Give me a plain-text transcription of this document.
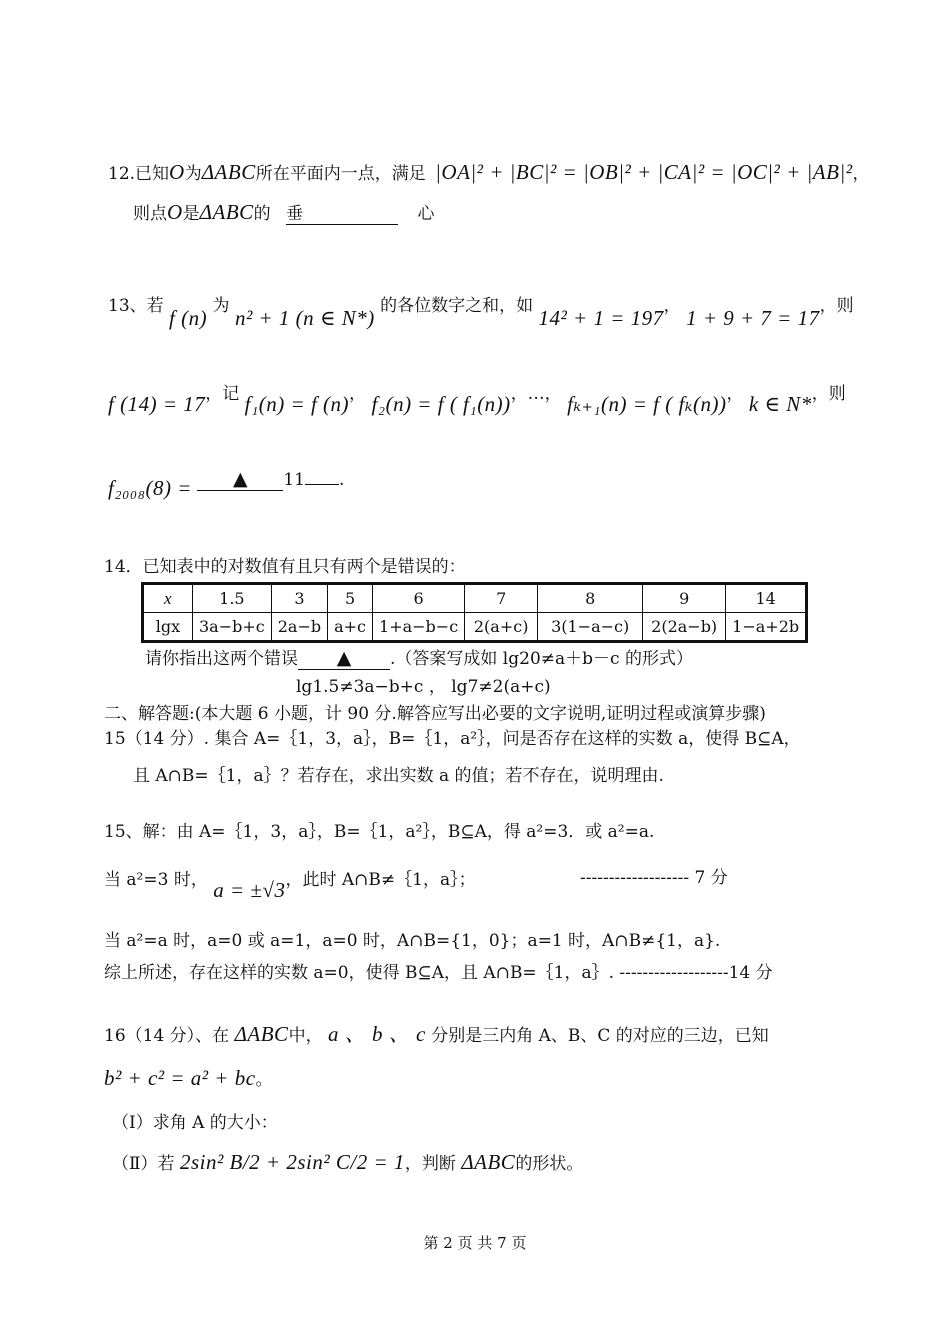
12.已知O为ΔABC所在平面内一点，满足 |OA|² + |BC|² = |OB|² + |CA|² = |OC|² + |AB|²，
则点O是ΔABC的 垂	心
13、若 f (n) 为 n² + 1 (n ∈ N*) 的各位数字之和，如 14² + 1 = 197， 1 + 9 + 7 = 17，则
f (14) = 17，记 f₁(n) = f (n)， f₂(n) = f ( f₁(n))，…， fₖ₊₁(n) = f ( fₖ(n))， k ∈ N*，则
f₂₀₀₈(8) = ▲ 11 .
14．已知表中的对数值有且只有两个是错误的：
x	1.5	3	5	6	7	8	9	14
lgx	3a−b+c	2a−b	a+c	1+a−b−c	2(a+c)	3(1−a−c)	2(2a−b)	1−a+2b
请你指出这两个错误 ▲ .（答案写成如 lg20≠a＋b－c 的形式）
lg1.5≠3a−b+c ， lg7≠2(a+c)
二、解答题:(本大题 6 小题，计 90 分.解答应写出必要的文字说明,证明过程或演算步骤)
15（14 分）. 集合 A=｛1，3，a｝，B=｛1，a²｝，问是否存在这样的实数 a，使得 B⊆A，
且 A∩B=｛1，a｝？若存在，求出实数 a 的值；若不存在，说明理由.
15、解：由 A=｛1，3，a｝，B=｛1，a²｝，B⊆A，得 a²=3．或 a²=a.
当 a²=3 时， a = ±√3，此时 A∩B≠｛1，a｝；	------------------- 7 分
当 a²=a 时，a=0 或 a=1，a=0 时，A∩B={1，0}；a=1 时，A∩B≠{1，a}.
综上所述，存在这样的实数 a=0，使得 B⊆A，且 A∩B=｛1，a｝. -------------------14 分
16（14 分）、在 ΔABC中， a 、 b 、 c 分别是三内角 A、B、C 的对应的三边，已知
b² + c² = a² + bc。
（Ⅰ）求角 A 的大小：
（Ⅱ）若 2sin² B/2 + 2sin² C/2 = 1，判断 ΔABC的形状。
第 2 页 共 7 页
